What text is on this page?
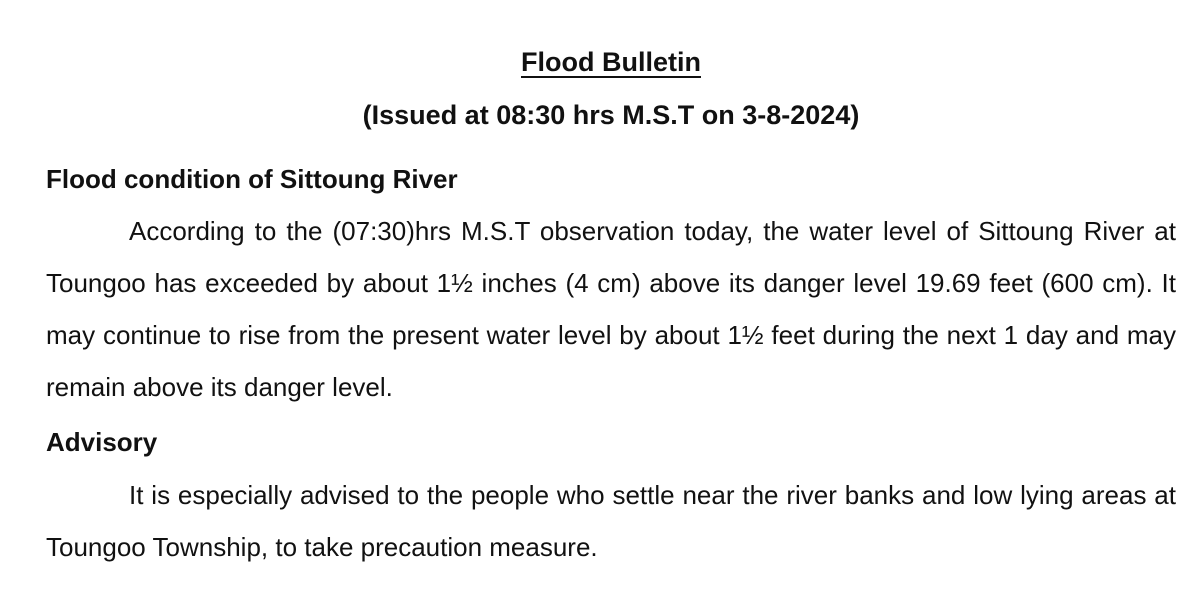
Flood Bulletin
(Issued at 08:30 hrs M.S.T on 3-8-2024)
Flood condition of Sittoung River

According to the (07:30)hrs M.S.T observation today, the water level of Sittoung River at Toungoo has exceeded by about 1½ inches (4 cm) above its danger level 19.69 feet (600 cm). It may continue to rise from the present water level by about 1½ feet during the next 1 day and may remain above its danger level.

Advisory

It is especially advised to the people who settle near the river banks and low lying areas at Toungoo Township, to take precaution measure.
